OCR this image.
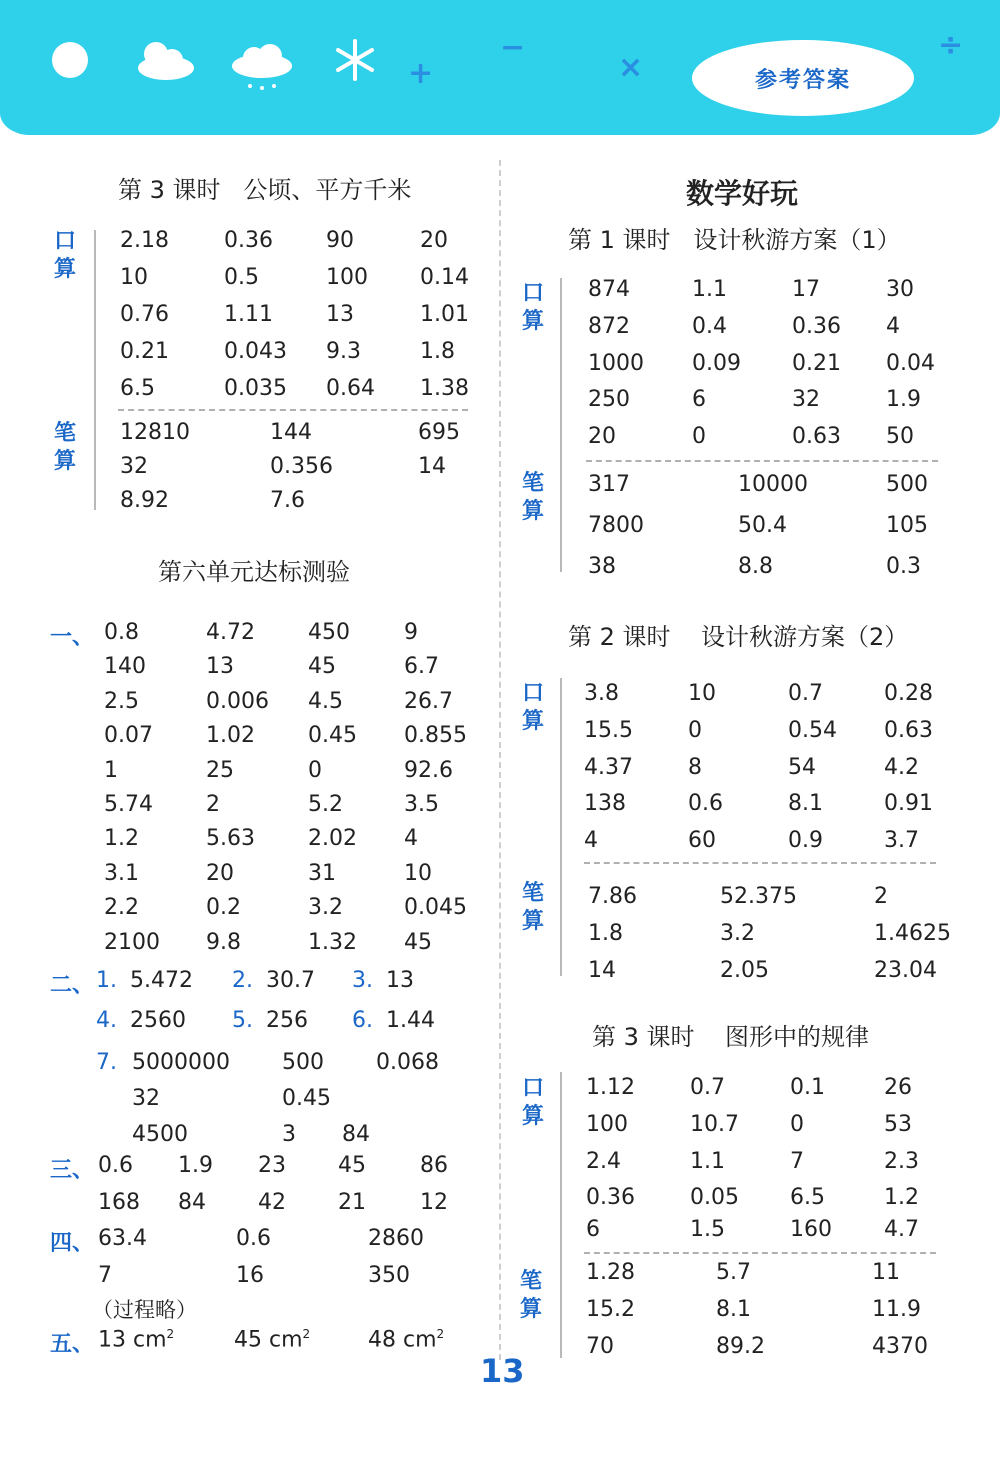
+
−
×
÷
参考答案
第 3 课时   公顷、平方千米
口算
2.18	0.36 90	20
10	0.5	100 0.14
0.76	1.11 13	1.01
0.21	0.043 9.3	1.8
6.5	0.035 0.64 1.38
笔算
12810	144	695
32	0.356	14
8.92	7.6
第六单元达标测验
一、 0.8	4.72 450 9
140	13	45	6.7
2.5	0.006 4.5	26.7
0.07 1.02 0.45 0.855
1	25	0	92.6
5.74 2	5.2	3.5
1.2	5.63 2.02 4
3.1	20	31	10
2.2	0.2	3.2	0.045
2100 9.8	1.32 45
二、 1. 5.472 2. 30.7 3. 13
4. 2560 5. 256 6. 1.44
7. 5000000 500 0.068
32	0.45
4500	3 84
三、 0.6 1.9 23 45 86
168 84 42 21 12
四、 63.4	0.6	2860
7	16	350
（过程略）
五、 13 $cm^2$	45 $cm^2$	48 $cm^2$
数学好玩
第 1 课时   设计秋游方案（1）
口算
874	1.1	17	30
872	0.4	0.36 4
1000 0.09 0.21 0.04
250	6	32	1.9
20	0	0.63 50
笔算
317	10000	500
7800	50.4	105
38	8.8	0.3
第 2 课时    设计秋游方案（2）
口算
3.8	10	0.7	0.28
15.5	0	0.54 0.63
4.37	8	54	4.2
138	0.6	8.1	0.91
4	60	0.9	3.7
笔算
7.86	52.375	2
1.8	3.2	1.4625
14	2.05	23.04
第 3 课时    图形中的规律
口算
1.12	0.7	0.1	26
100	10.7 0	53
2.4	1.1	7	2.3
0.36	0.05 6.5	1.2
6	1.5	160 4.7
笔算
1.28	5.7	11
15.2	8.1	11.9
70	89.2	4370
13
